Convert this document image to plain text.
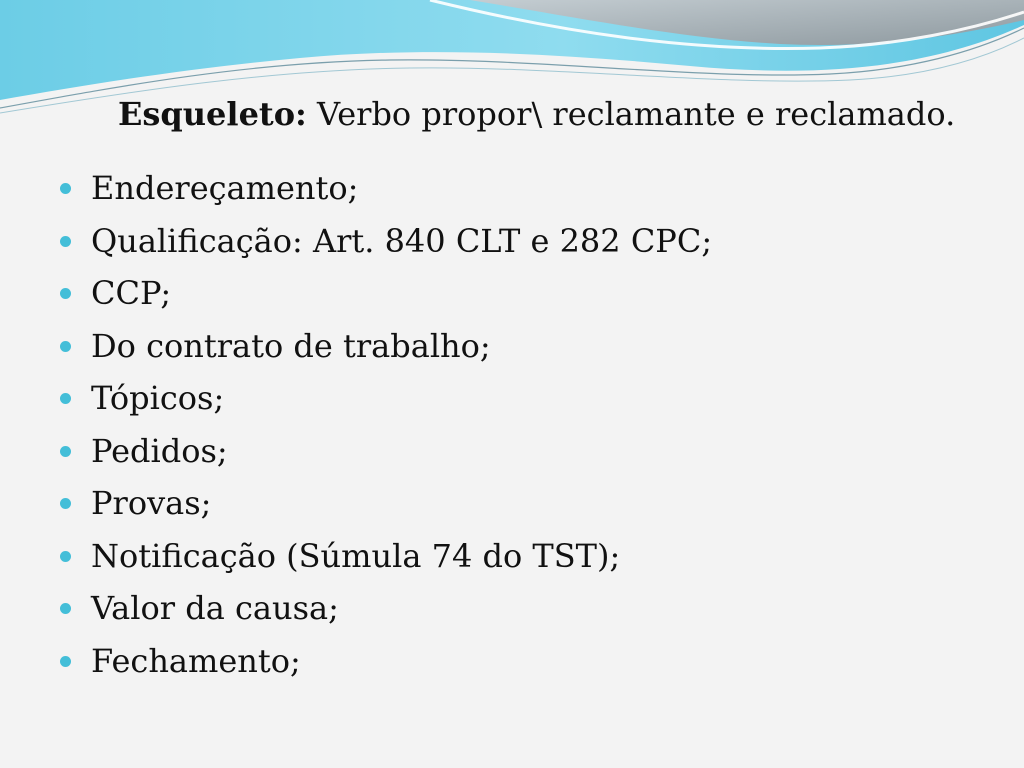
Esqueleto: Verbo propor\ reclamante e reclamado.
Endereçamento;
Qualificação: Art. 840 CLT e 282 CPC;
CCP;
Do contrato de trabalho;
Tópicos;
Pedidos;
Provas;
Notificação (Súmula 74 do TST);
Valor da causa;
Fechamento;
